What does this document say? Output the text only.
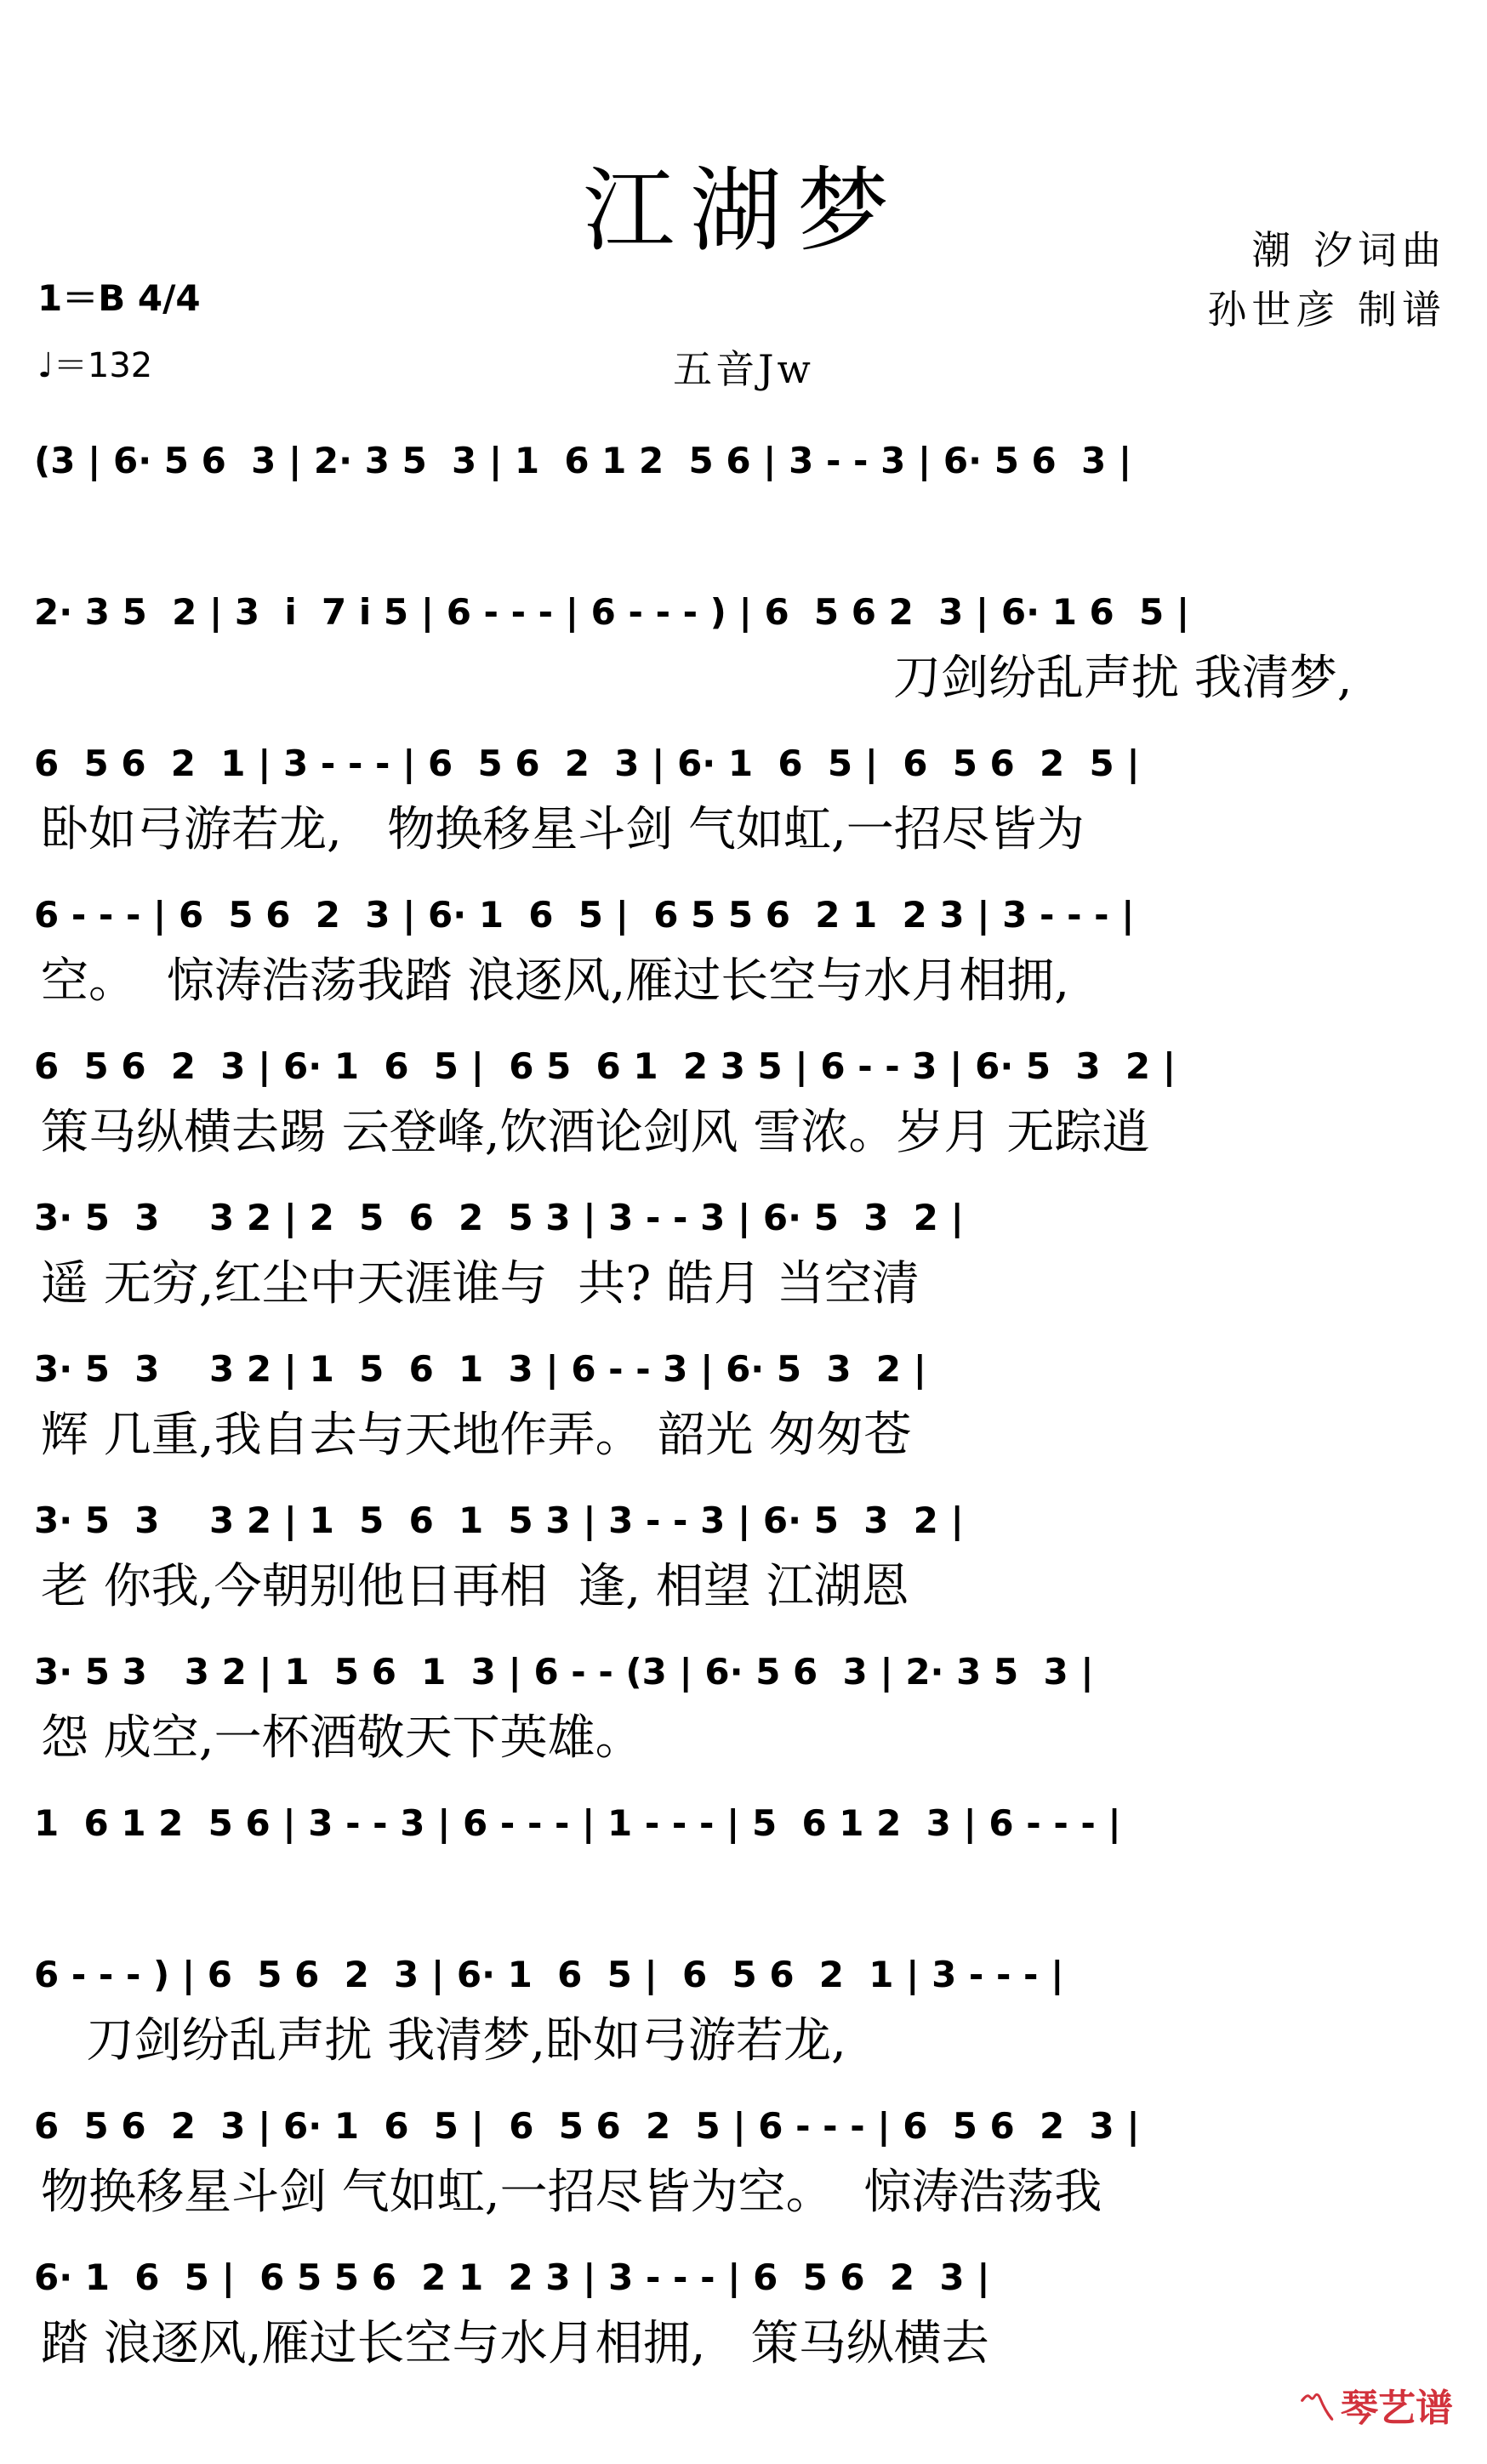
江湖梦	潮 汐词曲
孙世彦 制谱
1＝B 4/4
♩＝132	五音Jw
(3 | 6· 5 6  3 | 2· 3 5  3 | 1  6 1 2  5 6 | 3 - - 3 | 6· 5 6  3 |
2· 3 5  2 | 3  i  7 i 5 | 6 - - - | 6 - - - ) | 6  5 6 2  3 | 6· 1 6  5 |
刀剑纷乱声扰 我清梦,
6  5 6  2  1 | 3 - - - | 6  5 6  2  3 | 6· 1  6  5 |  6  5 6  2  5 |
卧如弓游若龙,   物换移星斗剑 气如虹,一招尽皆为
6 - - - | 6  5 6  2  3 | 6· 1  6  5 |  6 5 5 6  2 1  2 3 | 3 - - - |
空。  惊涛浩荡我踏 浪逐风,雁过长空与水月相拥,
6  5 6  2  3 | 6· 1  6  5 |  6 5  6 1  2 3 5 | 6 - - 3 | 6· 5  3  2 |
策马纵横去踢 云登峰,饮酒论剑风 雪浓。岁月 无踪逍
3· 5  3    3 2 | 2  5  6  2  5 3 | 3 - - 3 | 6· 5  3  2 |
遥 无穷,红尘中天涯谁与  共? 皓月 当空清
3· 5  3    3 2 | 1  5  6  1  3 | 6 - - 3 | 6· 5  3  2 |
辉 几重,我自去与天地作弄。 韶光 匆匆苍
3· 5  3    3 2 | 1  5  6  1  5 3 | 3 - - 3 | 6· 5  3  2 |
老 你我,今朝别他日再相  逢, 相望 江湖恩
3· 5 3   3 2 | 1  5 6  1  3 | 6 - - (3 | 6· 5 6  3 | 2· 3 5  3 |
怨 成空,一杯酒敬天下英雄。
1  6 1 2  5 6 | 3 - - 3 | 6 - - - | 1 - - - | 5  6 1 2  3 | 6 - - - |
6 - - - ) | 6  5 6  2  3 | 6· 1  6  5 |  6  5 6  2  1 | 3 - - - |
刀剑纷乱声扰 我清梦,卧如弓游若龙,
6  5 6  2  3 | 6· 1  6  5 |  6  5 6  2  5 | 6 - - - | 6  5 6  2  3 |
物换移星斗剑 气如虹,一招尽皆为空。  惊涛浩荡我
6· 1  6  5 |  6 5 5 6  2 1  2 3 | 3 - - - | 6  5 6  2  3 |
踏 浪逐风,雁过长空与水月相拥,   策马纵横去
〽 琴艺谱
